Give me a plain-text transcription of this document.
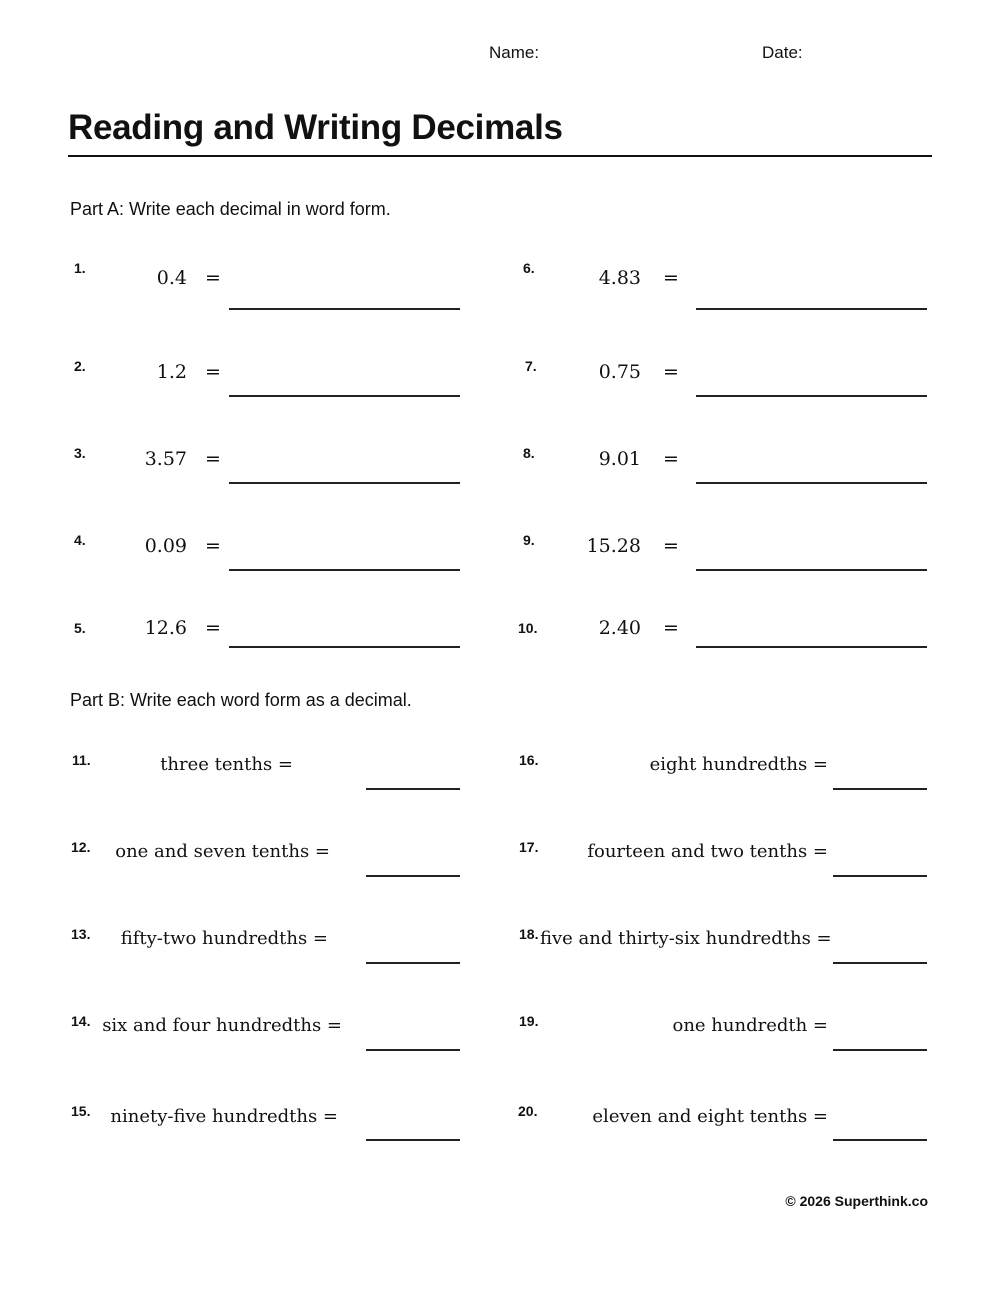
Name:	Date:
Reading and Writing Decimals
Part A: Write each decimal in word form.
1.	0.4 =
2.	1.2 =
3.	3.57 =
4.	0.09 =
5.	12.6 =
6.	4.83 =
7.	0.75 =
8.	9.01 =
9.	15.28 =
10.	2.40 =
Part B: Write each word form as a decimal.
11.	three tenths =
12.	one and seven tenths =
13.	fifty-two hundredths =
14. six and four hundredths =
15.	ninety-five hundredths =
16.	eight hundredths =
17.	fourteen and two tenths =
18. five and thirty-six hundredths =
19.	one hundredth =
20.	eleven and eight tenths =
© 2026 Superthink.co
